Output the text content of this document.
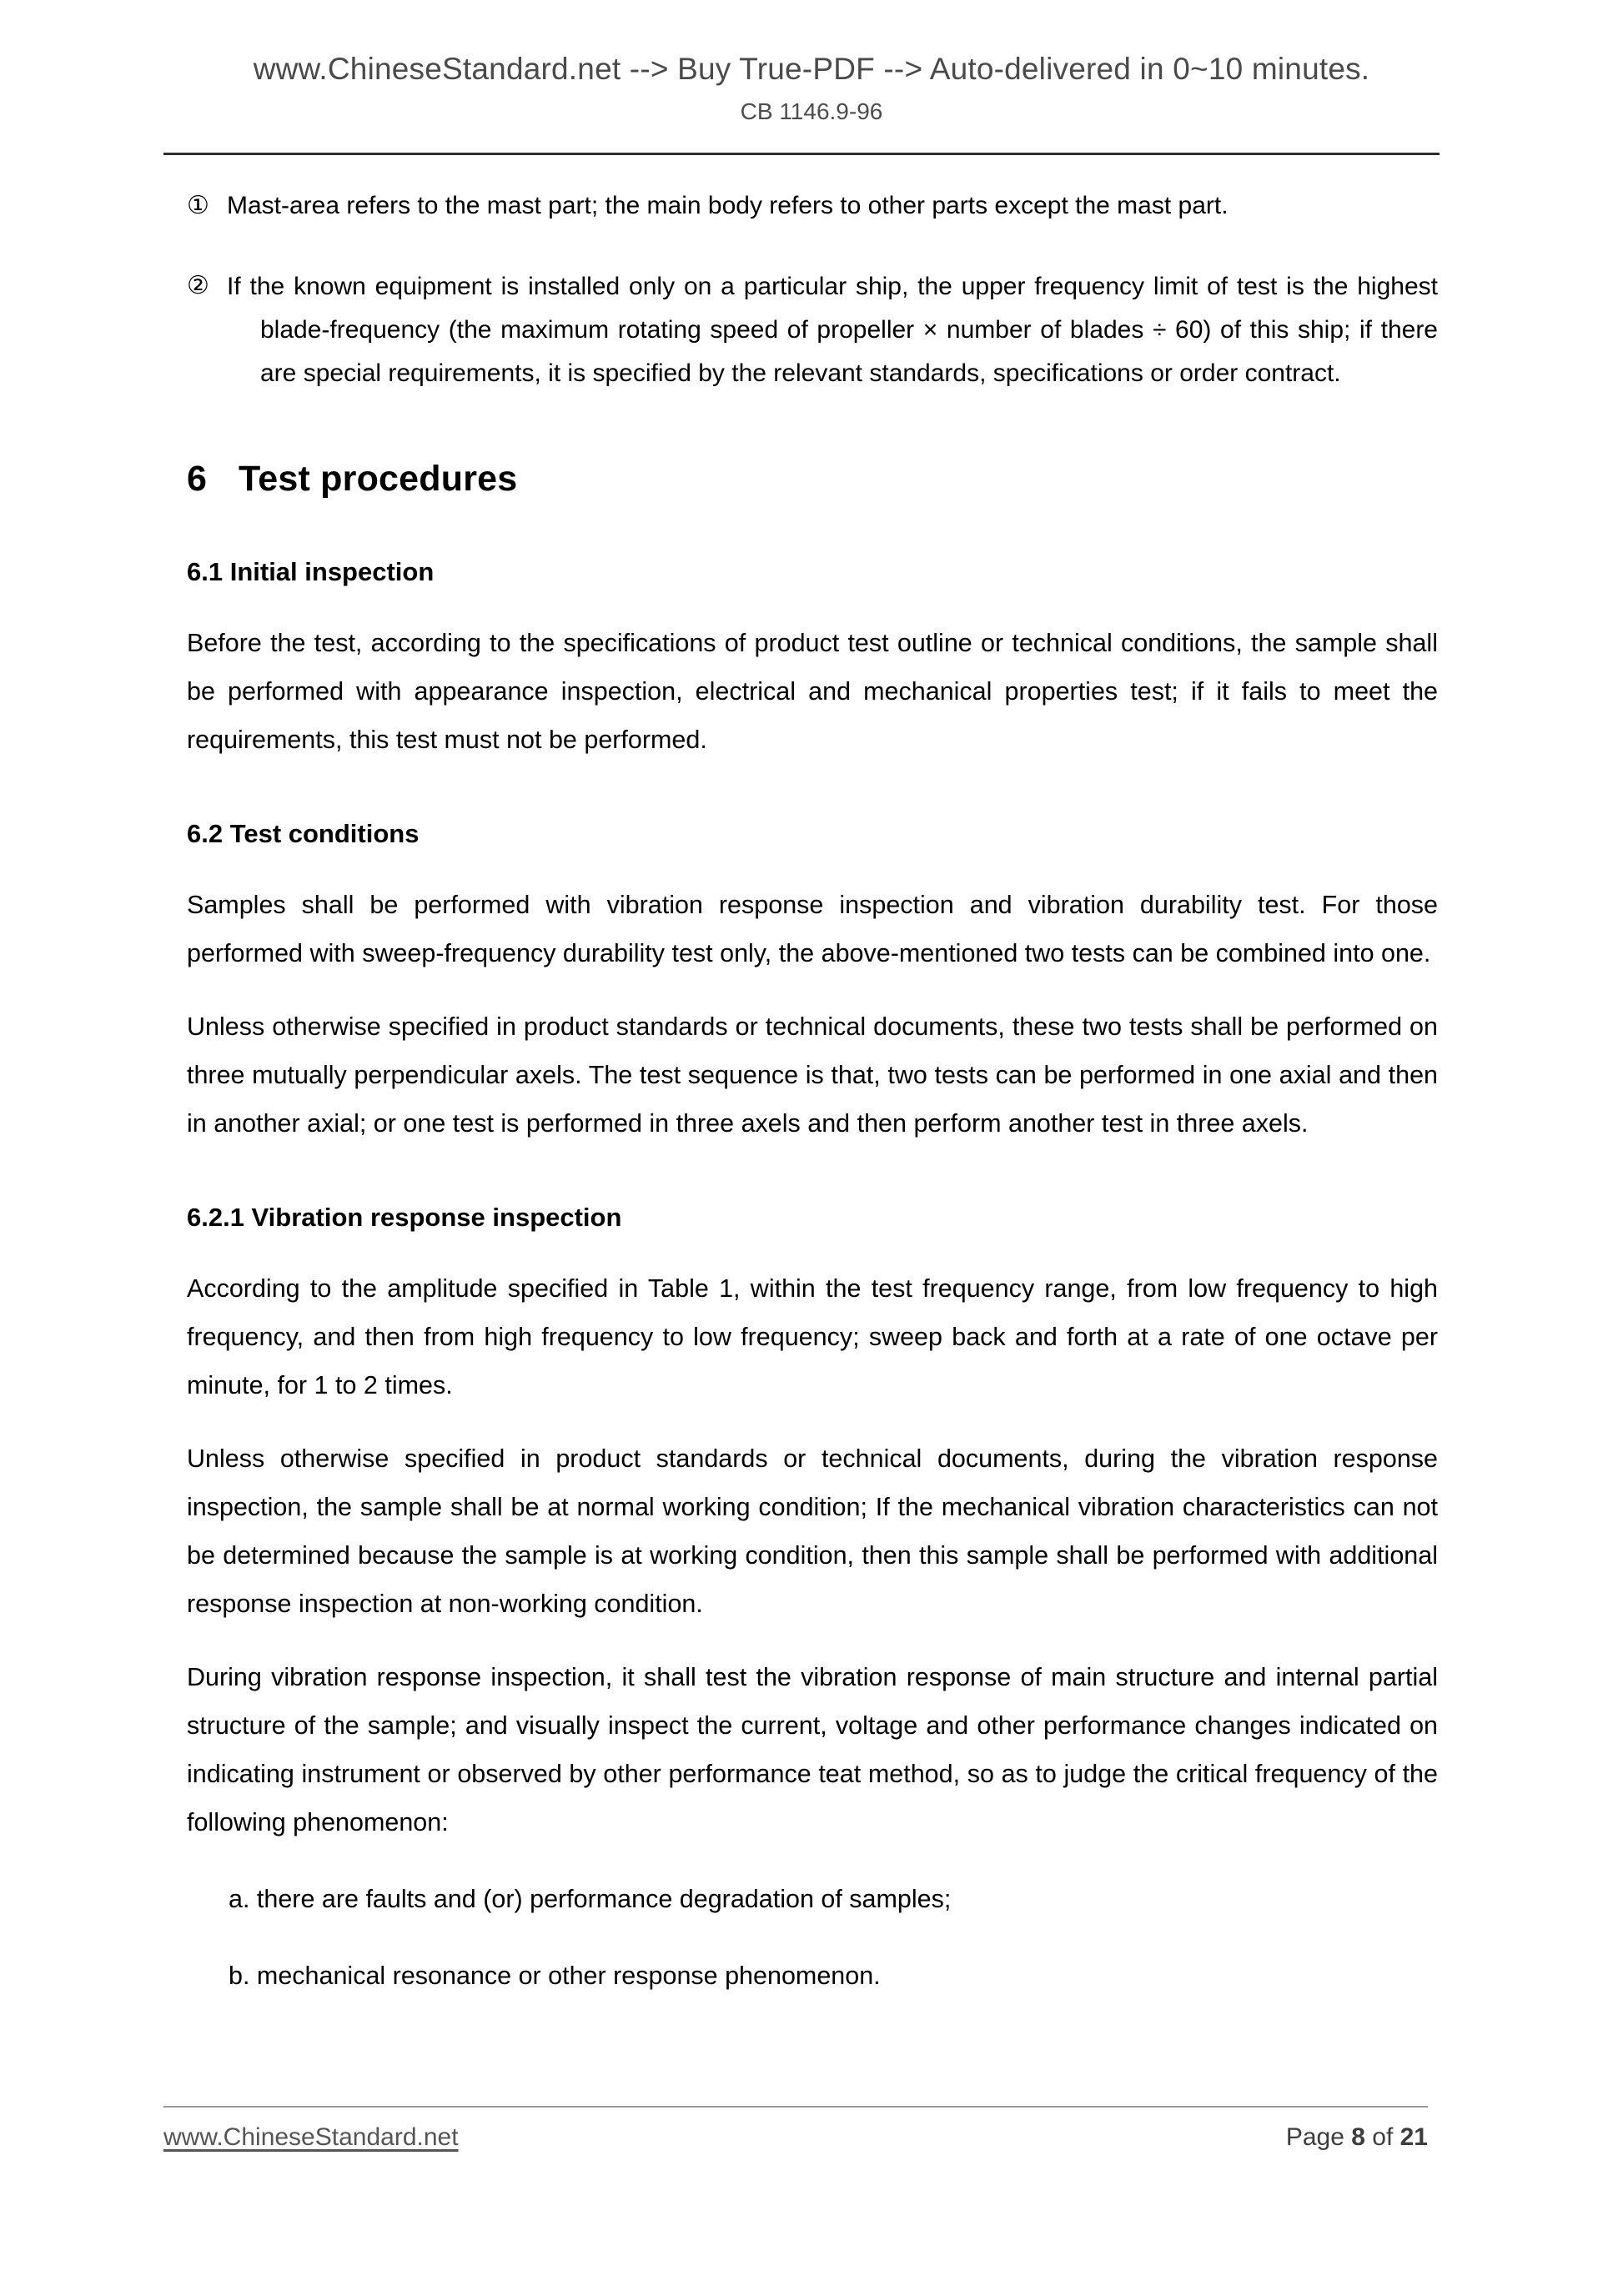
www.ChineseStandard.net --> Buy True-PDF --> Auto-delivered in 0~10 minutes.
CB 1146.9-96
① Mast-area refers to the mast part; the main body refers to other parts except the mast part.
② If the known equipment is installed only on a particular ship, the upper frequency limit of test is the highest blade-frequency (the maximum rotating speed of propeller × number of blades ÷ 60) of this ship; if there are special requirements, it is specified by the relevant standards, specifications or order contract.
6 Test procedures
6.1 Initial inspection

Before the test, according to the specifications of product test outline or technical conditions, the sample shall be performed with appearance inspection, electrical and mechanical properties test; if it fails to meet the requirements, this test must not be performed.

6.2 Test conditions

Samples shall be performed with vibration response inspection and vibration durability test. For those performed with sweep-frequency durability test only, the above-mentioned two tests can be combined into one.

Unless otherwise specified in product standards or technical documents, these two tests shall be performed on three mutually perpendicular axels. The test sequence is that, two tests can be performed in one axial and then in another axial; or one test is performed in three axels and then perform another test in three axels.

6.2.1 Vibration response inspection

According to the amplitude specified in Table 1, within the test frequency range, from low frequency to high frequency, and then from high frequency to low frequency; sweep back and forth at a rate of one octave per minute, for 1 to 2 times.

Unless otherwise specified in product standards or technical documents, during the vibration response inspection, the sample shall be at normal working condition; If the mechanical vibration characteristics can not be determined because the sample is at working condition, then this sample shall be performed with additional response inspection at non-working condition.

During vibration response inspection, it shall test the vibration response of main structure and internal partial structure of the sample; and visually inspect the current, voltage and other performance changes indicated on indicating instrument or observed by other performance teat method, so as to judge the critical frequency of the following phenomenon:

a. there are faults and (or) performance degradation of samples;

b. mechanical resonance or other response phenomenon.

www.ChineseStandard.net	Page 8 of 21
